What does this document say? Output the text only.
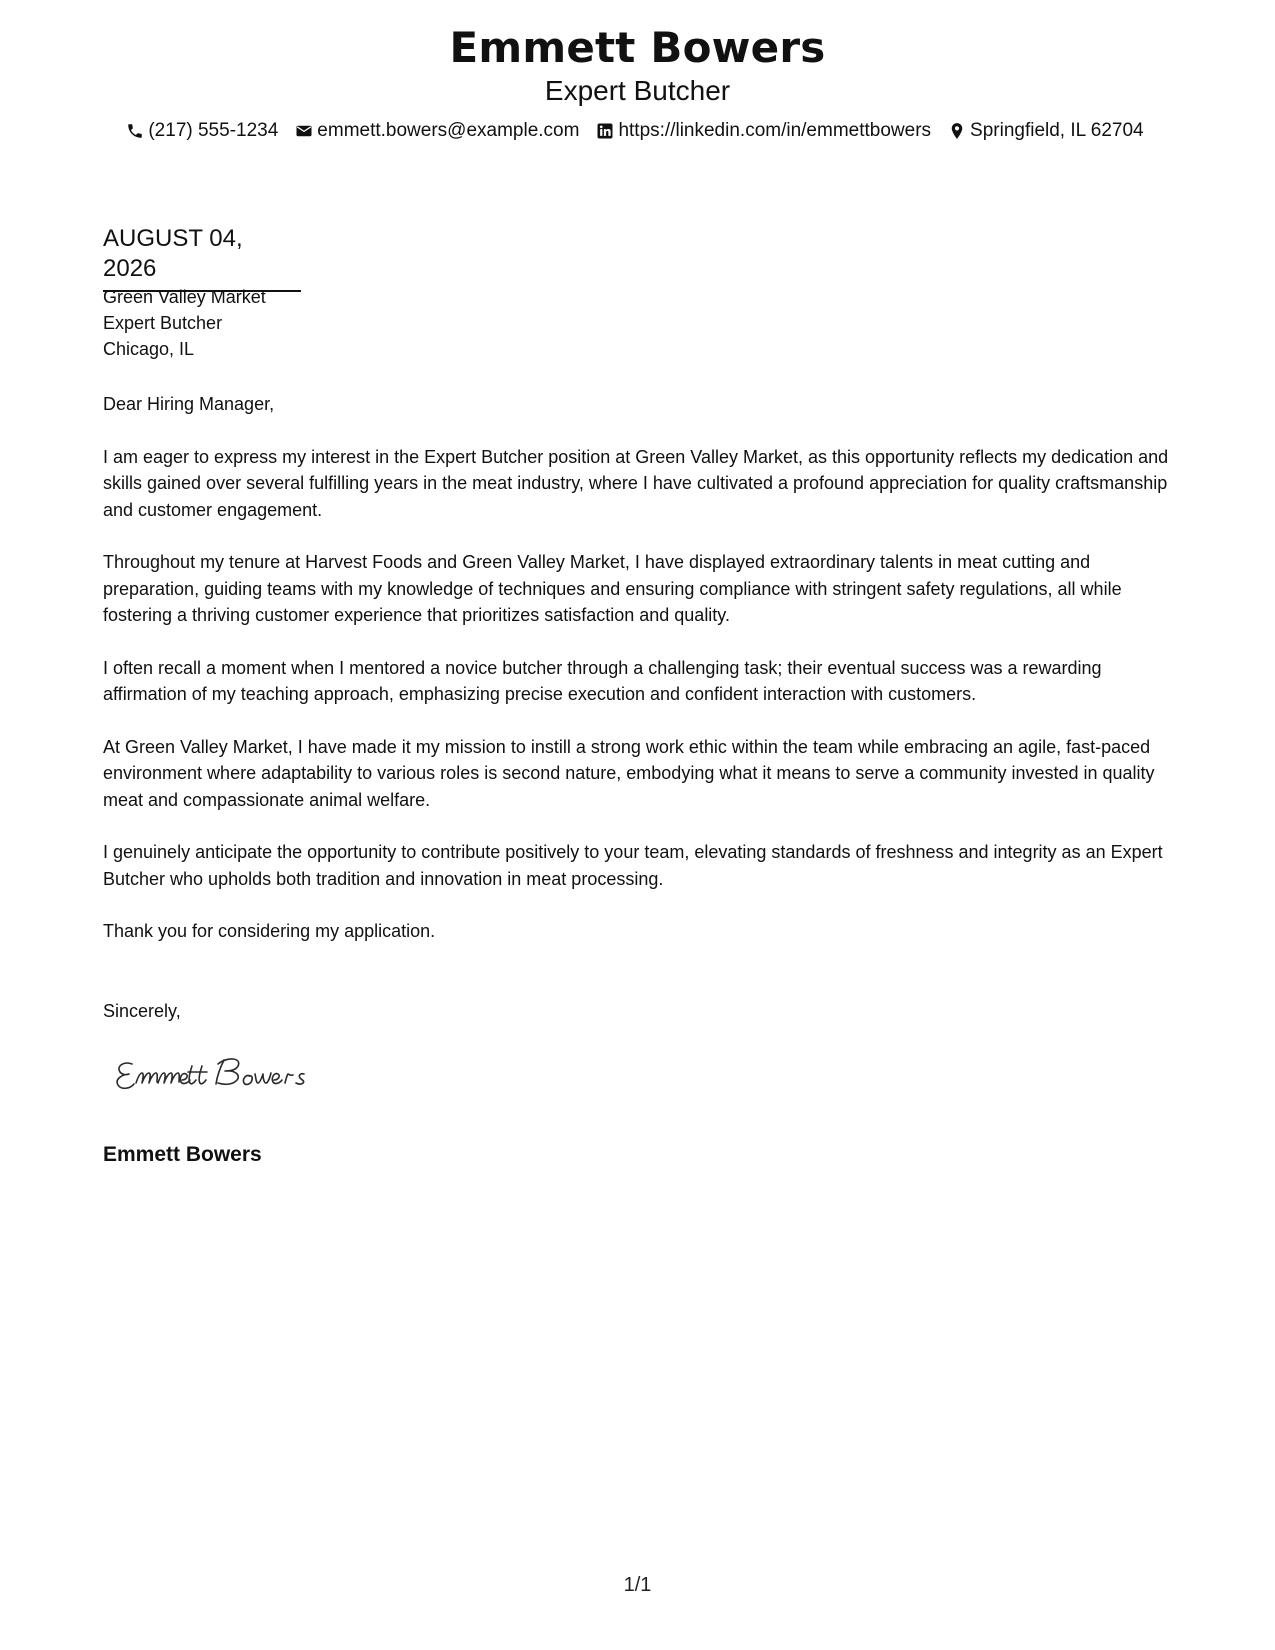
Emmett Bowers
Expert Butcher
(217) 555-1234 emmett.bowers@example.com https://linkedin.com/in/emmettbowers Springfield, IL 62704
AUGUST 04, 2026
Green Valley Market
Expert Butcher
Chicago, IL

Dear Hiring Manager,

I am eager to express my interest in the Expert Butcher position at Green Valley Market, as this opportunity reflects my dedication and skills gained over several fulfilling years in the meat industry, where I have cultivated a profound appreciation for quality craftsmanship and customer engagement.

Throughout my tenure at Harvest Foods and Green Valley Market, I have displayed extraordinary talents in meat cutting and preparation, guiding teams with my knowledge of techniques and ensuring compliance with stringent safety regulations, all while fostering a thriving customer experience that prioritizes satisfaction and quality.

I often recall a moment when I mentored a novice butcher through a challenging task; their eventual success was a rewarding affirmation of my teaching approach, emphasizing precise execution and confident interaction with customers.

At Green Valley Market, I have made it my mission to instill a strong work ethic within the team while embracing an agile, fast-paced environment where adaptability to various roles is second nature, embodying what it means to serve a community invested in quality meat and compassionate animal welfare.

I genuinely anticipate the opportunity to contribute positively to your team, elevating standards of freshness and integrity as an Expert Butcher who upholds both tradition and innovation in meat processing.

Thank you for considering my application.

Sincerely,
Emmett Bowers
1/1
